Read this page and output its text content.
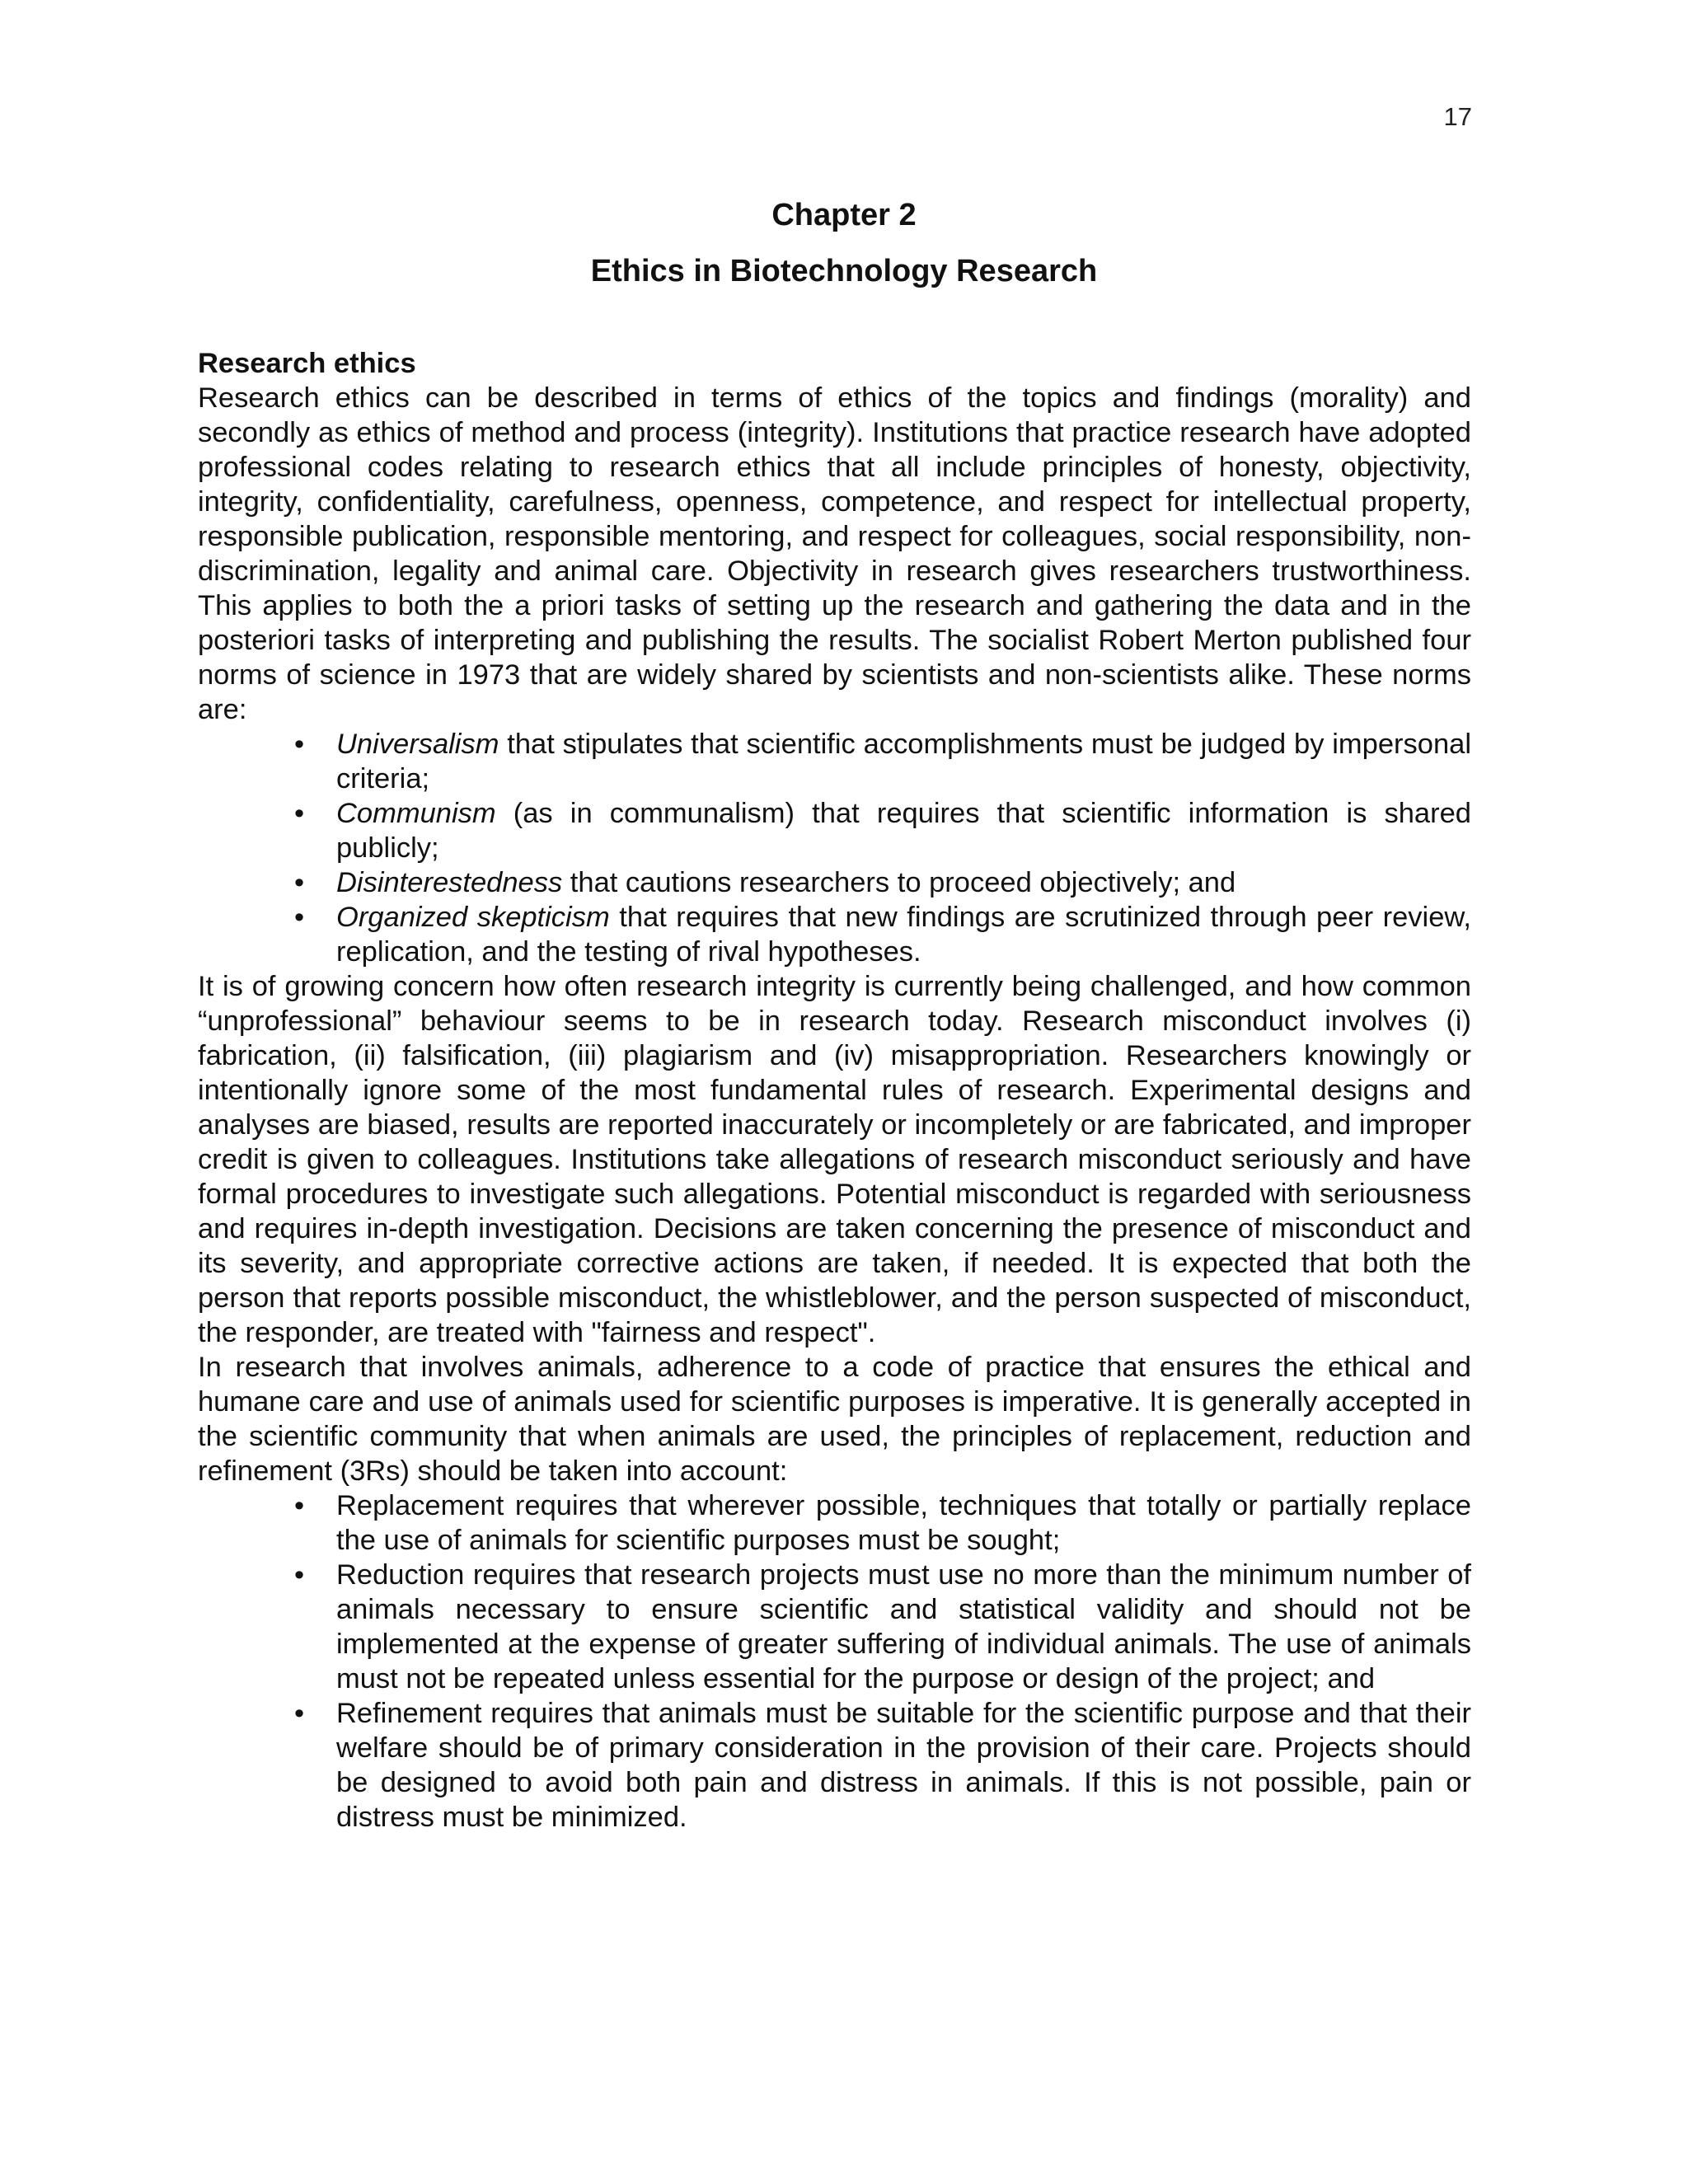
17
Chapter 2
Ethics in Biotechnology Research

Research ethics

Research ethics can be described in terms of ethics of the topics and findings (morality) and secondly as ethics of method and process (integrity). Institutions that practice research have adopted professional codes relating to research ethics that all include principles of honesty, objectivity, integrity, confidentiality, carefulness, openness, competence, and respect for intellectual property, responsible publication, responsible mentoring, and respect for colleagues, social responsibility, non-discrimination, legality and animal care. Objectivity in research gives researchers trustworthiness. This applies to both the a priori tasks of setting up the research and gathering the data and in the posteriori tasks of interpreting and publishing the results. The socialist Robert Merton published four norms of science in 1973 that are widely shared by scientists and non-scientists alike. These norms are:

• Universalism that stipulates that scientific accomplishments must be judged by impersonal criteria;
• Communism (as in communalism) that requires that scientific information is shared publicly;
• Disinterestedness that cautions researchers to proceed objectively; and
• Organized skepticism that requires that new findings are scrutinized through peer review, replication, and the testing of rival hypotheses.

It is of growing concern how often research integrity is currently being challenged, and how common “unprofessional” behaviour seems to be in research today. Research misconduct involves (i) fabrication, (ii) falsification, (iii) plagiarism and (iv) misappropriation. Researchers knowingly or intentionally ignore some of the most fundamental rules of research. Experimental designs and analyses are biased, results are reported inaccurately or incompletely or are fabricated, and improper credit is given to colleagues. Institutions take allegations of research misconduct seriously and have formal procedures to investigate such allegations. Potential misconduct is regarded with seriousness and requires in-depth investigation. Decisions are taken concerning the presence of misconduct and its severity, and appropriate corrective actions are taken, if needed. It is expected that both the person that reports possible misconduct, the whistleblower, and the person suspected of misconduct, the responder, are treated with "fairness and respect".

In research that involves animals, adherence to a code of practice that ensures the ethical and humane care and use of animals used for scientific purposes is imperative. It is generally accepted in the scientific community that when animals are used, the principles of replacement, reduction and refinement (3Rs) should be taken into account:

• Replacement requires that wherever possible, techniques that totally or partially replace the use of animals for scientific purposes must be sought;
• Reduction requires that research projects must use no more than the minimum number of animals necessary to ensure scientific and statistical validity and should not be implemented at the expense of greater suffering of individual animals. The use of animals must not be repeated unless essential for the purpose or design of the project; and
• Refinement requires that animals must be suitable for the scientific purpose and that their welfare should be of primary consideration in the provision of their care. Projects should be designed to avoid both pain and distress in animals. If this is not possible, pain or distress must be minimized.
